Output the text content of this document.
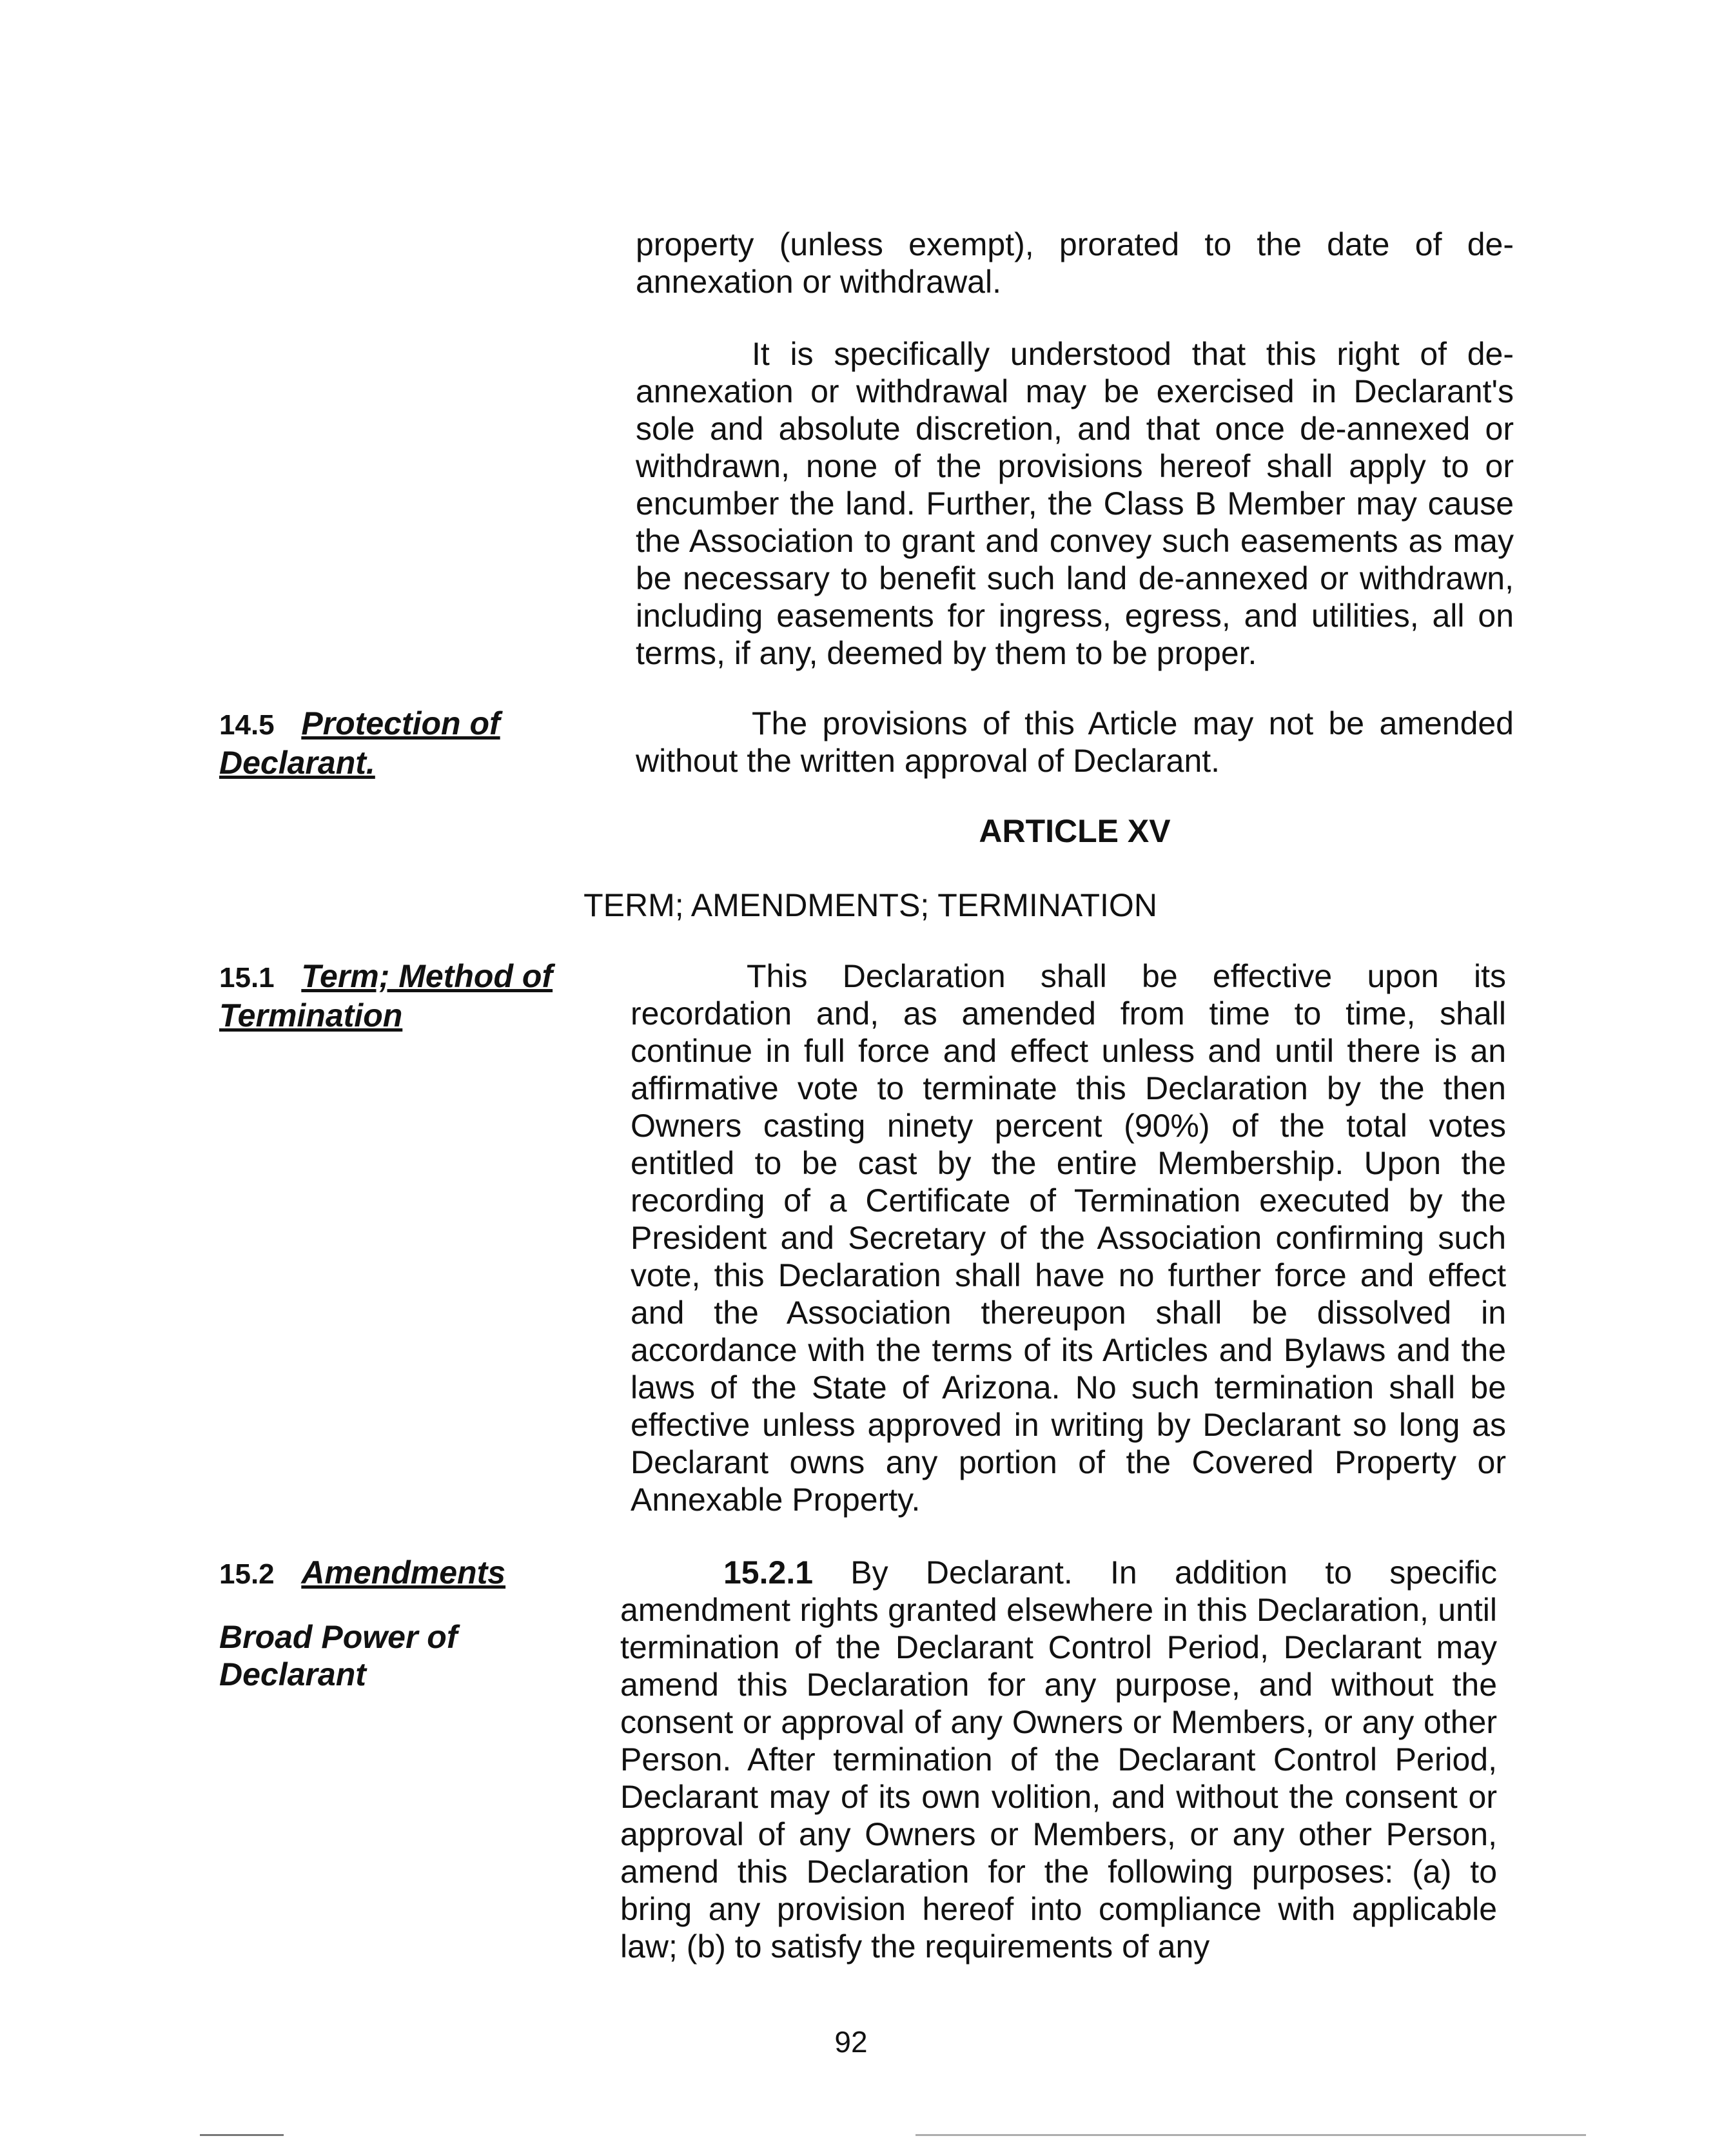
property (unless exempt), prorated to the date of de-annexation or withdrawal.

It is specifically understood that this right of de-annexation or withdrawal may be exercised in Declarant's sole and absolute discretion, and that once de-annexed or withdrawn, none of the provisions hereof shall apply to or encumber the land. Further, the Class B Member may cause the Association to grant and convey such easements as may be necessary to benefit such land de-annexed or withdrawn, including easements for ingress, egress, and utilities, all on terms, if any, deemed by them to be proper.

14.5 Protection of Declarant.

The provisions of this Article may not be amended without the written approval of Declarant.

ARTICLE XV
TERM; AMENDMENTS; TERMINATION
15.1 Term; Method of Termination

This Declaration shall be effective upon its recordation and, as amended from time to time, shall continue in full force and effect unless and until there is an affirmative vote to terminate this Declaration by the then Owners casting ninety percent (90%) of the total votes entitled to be cast by the entire Membership. Upon the recording of a Certificate of Termination executed by the President and Secretary of the Association confirming such vote, this Declaration shall have no further force and effect and the Association thereupon shall be dissolved in accordance with the terms of its Articles and Bylaws and the laws of the State of Arizona. No such termination shall be effective unless approved in writing by Declarant so long as Declarant owns any portion of the Covered Property or Annexable Property.

15.2 Amendments
Broad Power of Declarant

15.2.1 By Declarant. In addition to specific amendment rights granted elsewhere in this Declaration, until termination of the Declarant Control Period, Declarant may amend this Declaration for any purpose, and without the consent or approval of any Owners or Members, or any other Person. After termination of the Declarant Control Period, Declarant may of its own volition, and without the consent or approval of any Owners or Members, or any other Person, amend this Declaration for the following purposes: (a) to bring any provision hereof into compliance with applicable law; (b) to satisfy the requirements of any

92
